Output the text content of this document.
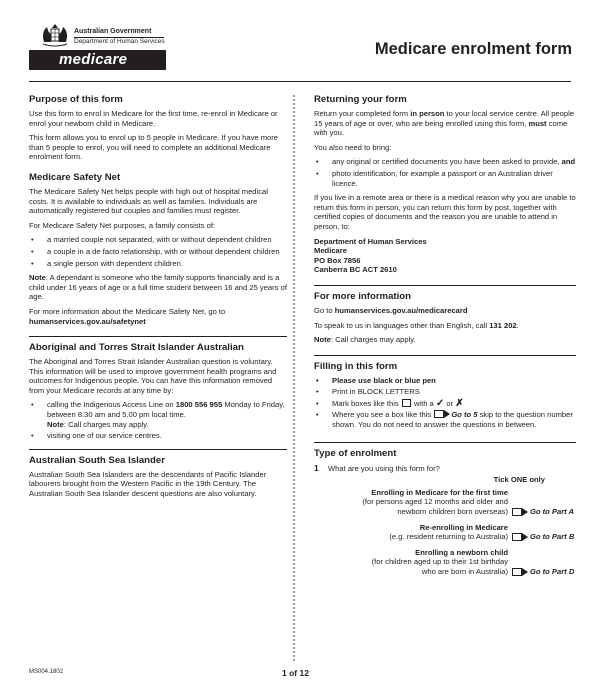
Australian Government
Department of Human Services
medicare
Medicare enrolment form
Purpose of this form

Use this form to enrol in Medicare for the first time, re-enrol in Medicare or enrol your newborn child in Medicare.

This form allows you to enrol up to 5 people in Medicare. If you have more than 5 people to enrol, you will need to complete an additional Medicare enrolment form.

Medicare Safety Net

The Medicare Safety Net helps people with high out of hospital medical costs. It is available to individuals as well as families. Individuals are automatically registered but couples and families must register.

For Medicare Safety Net purposes, a family consists of:

• a married couple not separated, with or without dependent children
• a couple in a de facto relationship, with or without dependent children
• a single person with dependent children.

Note: A dependant is someone who the family supports financially and is a child under 16 years of age or a full time student between 16 and 25 years of age.

For more information about the Medicare Safety Net, go to
humanservices.gov.au/safetynet

Aboriginal and Torres Strait Islander Australian

The Aboriginal and Torres Strait Islander Australian question is voluntary. This information will be used to improve government health programs and outcomes for Indigenous people. You can have this information removed from your Medicare records at any time by:

• calling the Indigenous Access Line on 1800 556 955 Monday to Friday, between 8.30 am and 5.00 pm local time.
Note: Call charges may apply.
• visiting one of our service centres.
Australian South Sea Islander

Australian South Sea Islanders are the descendants of Pacific Islander labourers brought from the Western Pacific in the 19th Century. The Australian South Sea Islander descent questions are also voluntary.

Returning your form

Return your completed form in person to your local service centre. All people 15 years of age or over, who are being enrolled using this form, must come with you.

You also need to bring:

• any original or certified documents you have been asked to provide, and
• photo identification, for example a passport or an Australian driver licence.

If you live in a remote area or there is a medical reason why you are unable to return this form in person, you can return this form by post, together with certified copies of documents and the reason you are unable to attend in person, to:

Department of Human Services
Medicare
PO Box 7856
Canberra BC ACT 2610

For more information

Go to humanservices.gov.au/medicarecard

To speak to us in languages other than English, call 131 202.

Note: Call charges may apply.

Filling in this form
• Please use black or blue pen
• Print in BLOCK LETTERS
• Mark boxes like this with a ✓ or ✗
• Where you see a box like this	Go to 5 skip to the question number shown. You do not need to answer the questions in between.
Type of enrolment
1	What are you using this form for?
Tick ONE only
Enrolling in Medicare for the first time
(for persons aged 12 months and older and
newborn children born overseas)	Go to Part A
Re-enrolling in Medicare
(e.g. resident returning to Australia)	Go to Part B
Enrolling a newborn child
(for children aged up to their 1st birthday
who are born in Australia)	Go to Part D
MS004.1802	1 of 12
